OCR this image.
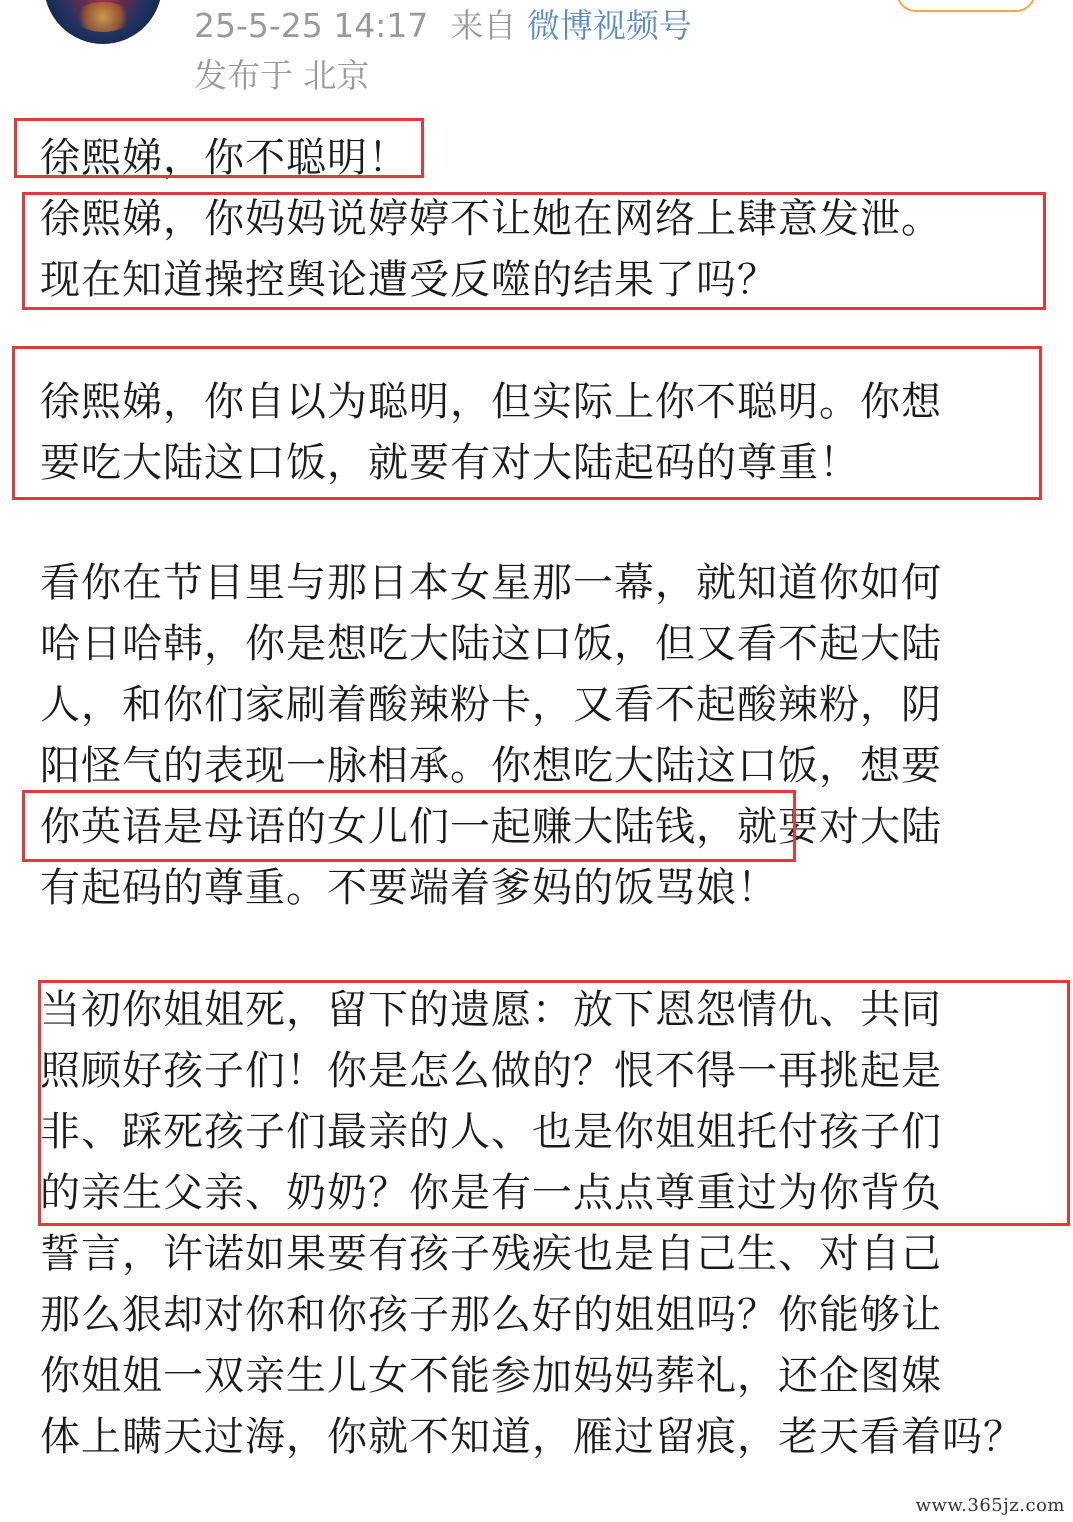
25-5-25 14:17 来自 微博视频号
发布于 北京
徐熙娣，你不聪明！
徐熙娣，你妈妈说婷婷不让她在网络上肆意发泄。
现在知道操控舆论遭受反噬的结果了吗？
徐熙娣，你自以为聪明，但实际上你不聪明。你想
要吃大陆这口饭，就要有对大陆起码的尊重！
看你在节目里与那日本女星那一幕，就知道你如何
哈日哈韩，你是想吃大陆这口饭，但又看不起大陆
人，和你们家刷着酸辣粉卡，又看不起酸辣粉，阴
阳怪气的表现一脉相承。你想吃大陆这口饭，想要
你英语是母语的女儿们一起赚大陆钱，就要对大陆
有起码的尊重。不要端着爹妈的饭骂娘！
当初你姐姐死，留下的遗愿：放下恩怨情仇、共同
照顾好孩子们！你是怎么做的？恨不得一再挑起是
非、踩死孩子们最亲的人、也是你姐姐托付孩子们
的亲生父亲、奶奶？你是有一点点尊重过为你背负
誓言，许诺如果要有孩子残疾也是自己生、对自己
那么狠却对你和你孩子那么好的姐姐吗？你能够让
你姐姐一双亲生儿女不能参加妈妈葬礼，还企图媒
体上瞒天过海，你就不知道，雁过留痕，老天看着吗？
www.365jz.com
